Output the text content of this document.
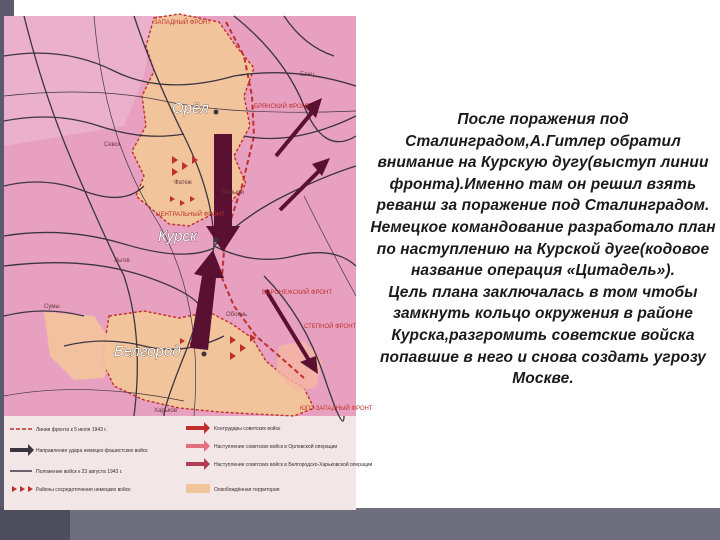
Орёл
Курск
Белгород
ЗАПАДНЫЙ ФРОНТ
БРЯНСКИЙ ФРОНТ
ЦЕНТРАЛЬНЫЙ ФРОНТ
ВОРОНЕЖСКИЙ ФРОНТ
СТЕПНОЙ ФРОНТ
ЮГО-ЗАПАДНЫЙ ФРОНТ
Сумы
Льгов
Поныри
Фатеж
Обоянь
Елец
Харьков
Севск
Линия фронта к 5 июля 1943 г.
Направление удара немецко-фашистских войск
Положение войск к 23 августа 1943 г.
Районы сосредоточения немецких войск
Контрудары советских войск
Наступление советских войск в Орловской операции
Наступление советских войск в Белгородско-Харьковской операции
Освобождённая территория

После поражения под Сталинградом,А.Гитлер обратил внимание на Курскую дугу(выступ линии фронта).Именно там он решил взять реванш за поражение под Сталинградом.

Немецкое командование разработало план по наступлению на Курской дуге(кодовое название операция «Цитадель»).

Цель плана заключалась в том чтобы замкнуть кольцо окружения в районе Курска,разгромить советские войска попавшие в него и снова создать угрозу Москве.
